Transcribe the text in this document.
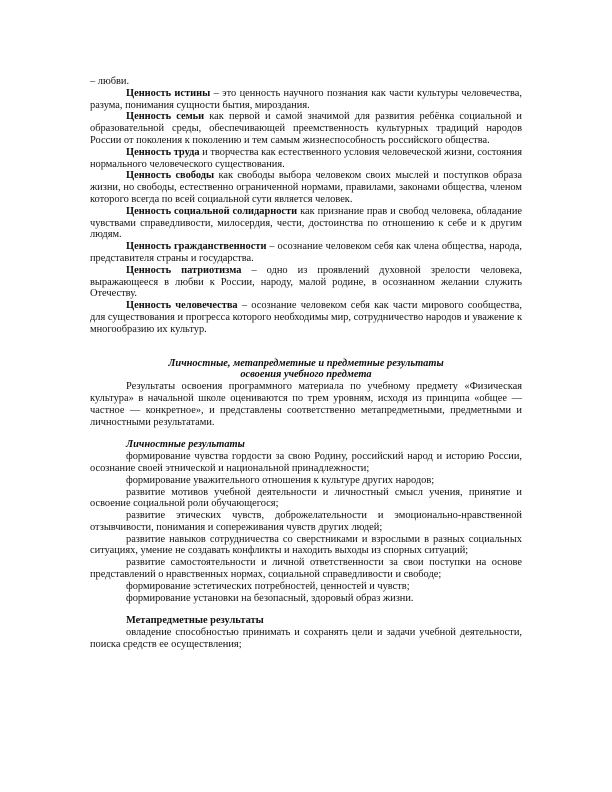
– любви.

Ценность истины – это ценность научного познания как части культуры человечества, разума, понимания сущности бытия, мироздания.

Ценность семьи как первой и самой значимой для развития ребёнка социальной и образовательной среды, обеспечивающей преемственность культурных традиций народов России от поколения к поколению и тем самым жизнеспособность российского общества.

Ценность труда и творчества как естественного условия человеческой жизни, состояния нормального человеческого существования.

Ценность свободы как свободы выбора человеком своих мыслей и поступков образа жизни, но свободы, естественно ограниченной нормами, правилами, законами общества, членом которого всегда по всей социальной сути является человек.

Ценность социальной солидарности как признание прав и свобод человека, обладание чувствами справедливости, милосердия, чести, достоинства по отношению к себе и к другим людям.

Ценность гражданственности – осознание человеком себя как члена общества, народа, представителя страны и государства.

Ценность патриотизма – одно из проявлений духовной зрелости человека, выражающееся в любви к России, народу, малой родине, в осознанном желании служить Отечеству.

Ценность человечества – осознание человеком себя как части мирового сообщества, для существования и прогресса которого необходимы мир, сотрудничество народов и уважение к многообразию их культур.

Личностные, метапредметные и предметные результаты
освоения учебного предмета

Результаты освоения программного материала по учебному предмету «Физическая культура» в начальной школе оцениваются по трем уровням, исходя из принципа «общее — частное — конкретное», и представлены соответственно метапредметными, предметными и личностными результатами.

Личностные результаты

формирование чувства гордости за свою Родину, российский народ и историю России, осознание своей этнической и национальной принадлежности;

формирование уважительного отношения к культуре других народов;

развитие мотивов учебной деятельности и личностный смысл учения, принятие и освоение социальной роли обучающегося;

развитие этических чувств, доброжелательности и эмоционально-нравственной отзывчивости, понимания и сопереживания чувств других людей;

развитие навыков сотрудничества со сверстниками и взрослыми в разных социальных ситуациях, умение не создавать конфликты и находить выходы из спорных ситуаций;

развитие самостоятельности и личной ответственности за свои поступки на основе представлений о нравственных нормах, социальной справедливости и свободе;

формирование эстетических потребностей, ценностей и чувств;

формирование установки на безопасный, здоровый образ жизни.

Метапредметные результаты

овладение способностью принимать и сохранять цели и задачи учебной деятельности, поиска средств ее осуществления;
